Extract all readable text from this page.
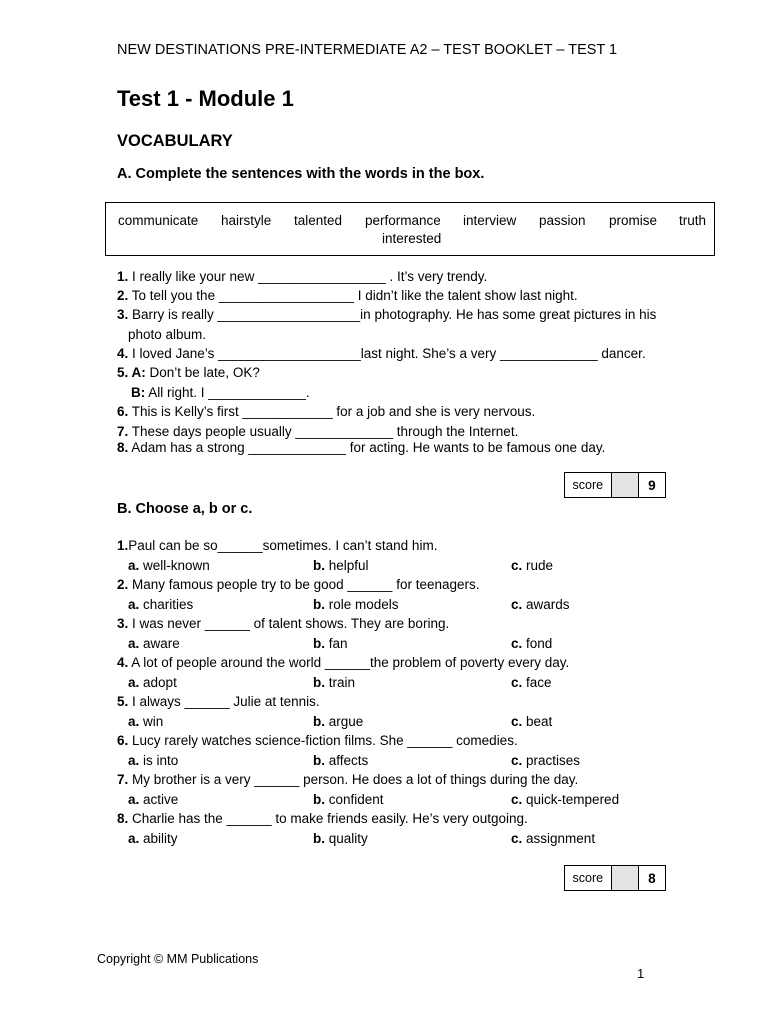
NEW DESTINATIONS PRE-INTERMEDIATE A2 – TEST BOOKLET – TEST 1
Test 1 - Module 1
VOCABULARY
A. Complete the sentences with the words in the box.
communicate hairstyle talented performance interview passion promise truth
interested
1. I really like your new _________________ . It’s very trendy.
2. To tell you the __________________ I didn’t like the talent show last night.
3. Barry is really ___________________in photography. He has some great pictures in his
photo album.
4. I loved Jane’s ___________________last night. She’s a very _____________ dancer.
5. A: Don’t be late, OK?
B: All right. I _____________.
6. This is Kelly’s first ____________ for a job and she is very nervous.
7. These days people usually _____________ through the Internet.
8. Adam has a strong _____________ for acting. He wants to be famous one day.
score	9
B. Choose a, b or c.
1.Paul can be so______sometimes. I can’t stand him.
a. well-known	b. helpful	c. rude
2. Many famous people try to be good ______ for teenagers.
a. charities	b. role models	c. awards
3. I was never ______ of talent shows. They are boring.
a. aware	b. fan	c. fond
4. A lot of people around the world ______the problem of poverty every day.
a. adopt	b. train	c. face
5. I always ______ Julie at tennis.
a. win	b. argue	c. beat
6. Lucy rarely watches science-fiction films. She ______ comedies.
a. is into	b. affects	c. practises
7. My brother is a very ______ person. He does a lot of things during the day.
a. active	b. confident	c. quick-tempered
8. Charlie has the ______ to make friends easily. He’s very outgoing.
a. ability	b. quality	c. assignment
score	8
Copyright © MM Publications
1
